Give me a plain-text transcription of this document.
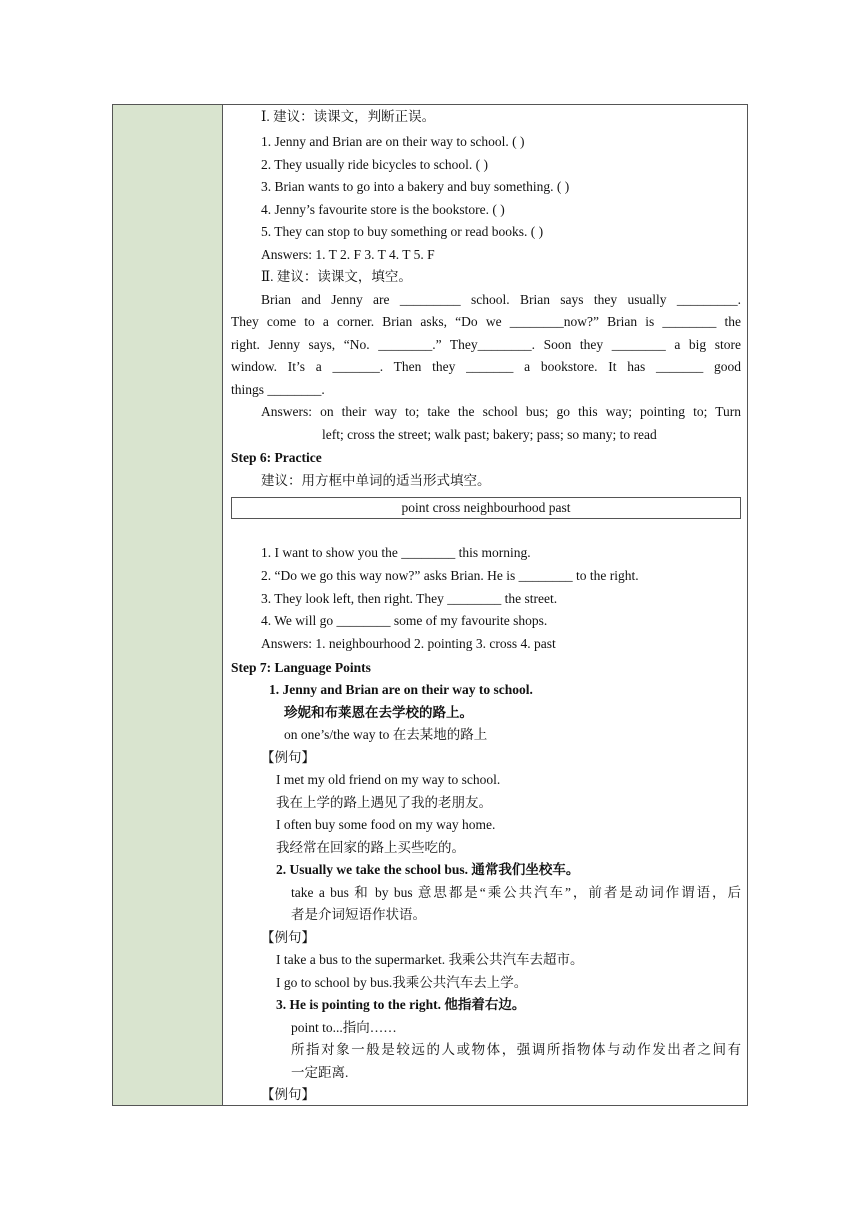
Ⅰ. 建议：读课文，判断正误。
1. Jenny and Brian are on their way to school. ( )
2. They usually ride bicycles to school. ( )
3. Brian wants to go into a bakery and buy something. ( )
4. Jenny’s favourite store is the bookstore. ( )
5. They can stop to buy something or read books. ( )
Answers: 1. T 2. F 3. T 4. T 5. F
Ⅱ. 建议：读课文，填空。
Brian and Jenny are _________ school. Brian says they usually _________.
They come to a corner. Brian asks, “Do we ________now?” Brian is ________ the
right. Jenny says, “No. ________.” They________. Soon they ________ a big store
window. It’s a _______. Then they _______ a bookstore. It has _______ good
things ________.
Answers: on their way to; take the school bus; go this way; pointing to; Turn
left; cross the street; walk past; bakery; pass; so many; to read
Step 6: Practice
建议：用方框中单词的适当形式填空。
point cross neighbourhood past
1. I want to show you the ________ this morning.
2. “Do we go this way now?” asks Brian. He is ________ to the right.
3. They look left, then right. They ________ the street.
4. We will go ________ some of my favourite shops.
Answers: 1. neighbourhood 2. pointing 3. cross 4. past
Step 7: Language Points
1. Jenny and Brian are on their way to school.
珍妮和布莱恩在去学校的路上。
on one’s/the way to 在去某地的路上
【例句】
I met my old friend on my way to school.
我在上学的路上遇见了我的老朋友。
I often buy some food on my way home.
我经常在回家的路上买些吃的。
2. Usually we take the school bus. 通常我们坐校车。
take a bus 和 by bus 意思都是“乘公共汽车”，前者是动词作谓语，后
者是介词短语作状语。
【例句】
I take a bus to the supermarket. 我乘公共汽车去超市。
I go to school by bus.我乘公共汽车去上学。
3. He is pointing to the right. 他指着右边。
point to...指向……
所指对象一般是较远的人或物体，强调所指物体与动作发出者之间有
一定距离.
【例句】
